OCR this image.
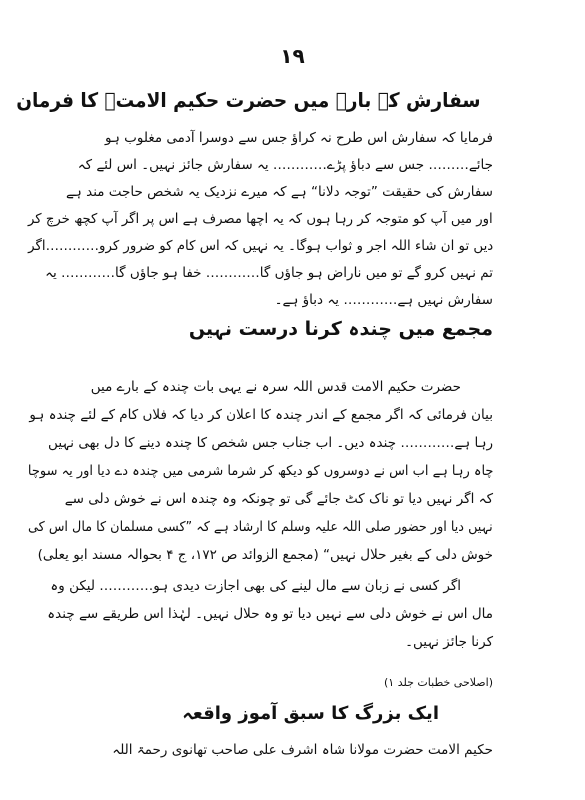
۱۹
سفارش کے بارے میں حضرت حکیم الامتؒ کا فرمان
فرمایا کہ سفارش اس طرح نہ کراؤ جس سے دوسرا آدمی مغلوب ہو
جائے……… جس سے دباؤ پڑے………… یہ سفارش جائز نہیں۔ اس لئے کہ
سفارش کی حقیقت ”توجہ دلانا“ ہے کہ میرے نزدیک یہ شخص حاجت مند ہے
اور میں آپ کو متوجہ کر رہا ہوں کہ یہ اچھا مصرف ہے اس پر اگر آپ کچھ خرچ کر
دیں تو ان شاء اللہ اجر و ثواب ہوگا۔ یہ نہیں کہ اس کام کو ضرور کرو…………اگر
تم نہیں کرو گے تو میں ناراض ہو جاؤں گا………… خفا ہو جاؤں گا………… یہ
سفارش نہیں ہے………… یہ دباؤ ہے۔
مجمع میں چندہ کرنا درست نہیں
حضرت حکیم الامت قدس اللہ سرہ نے یہی بات چندہ کے بارے میں
بیان فرمائی کہ اگر مجمع کے اندر چندہ کا اعلان کر دیا کہ فلاں کام کے لئے چندہ ہو
رہا ہے………… چندہ دیں۔ اب جناب جس شخص کا چندہ دینے کا دل بھی نہیں
چاہ رہا ہے اب اس نے دوسروں کو دیکھ کر شرما شرمی میں چندہ دے دیا اور یہ سوچا
کہ اگر نہیں دیا تو ناک کٹ جائے گی تو چونکہ وہ چندہ اس نے خوش دلی سے
نہیں دیا اور حضور صلی اللہ علیہ وسلم کا ارشاد ہے کہ ”کسی مسلمان کا مال اس کی
خوش دلی کے بغیر حلال نہیں“ (مجمع الزوائد ص ۱۷۲، ج ۴ بحوالہ مسند ابو یعلی)
اگر کسی نے زبان سے مال لینے کی بھی اجازت دیدی ہو………… لیکن وہ
مال اس نے خوش دلی سے نہیں دیا تو وہ حلال نہیں۔ لہٰذا اس طریقے سے چندہ
کرنا جائز نہیں۔
(اصلاحی خطبات جلد ۱)
ایک بزرگ کا سبق آموز واقعہ
حکیم الامت حضرت مولانا شاہ اشرف علی صاحب تھانوی رحمۃ اللہ
